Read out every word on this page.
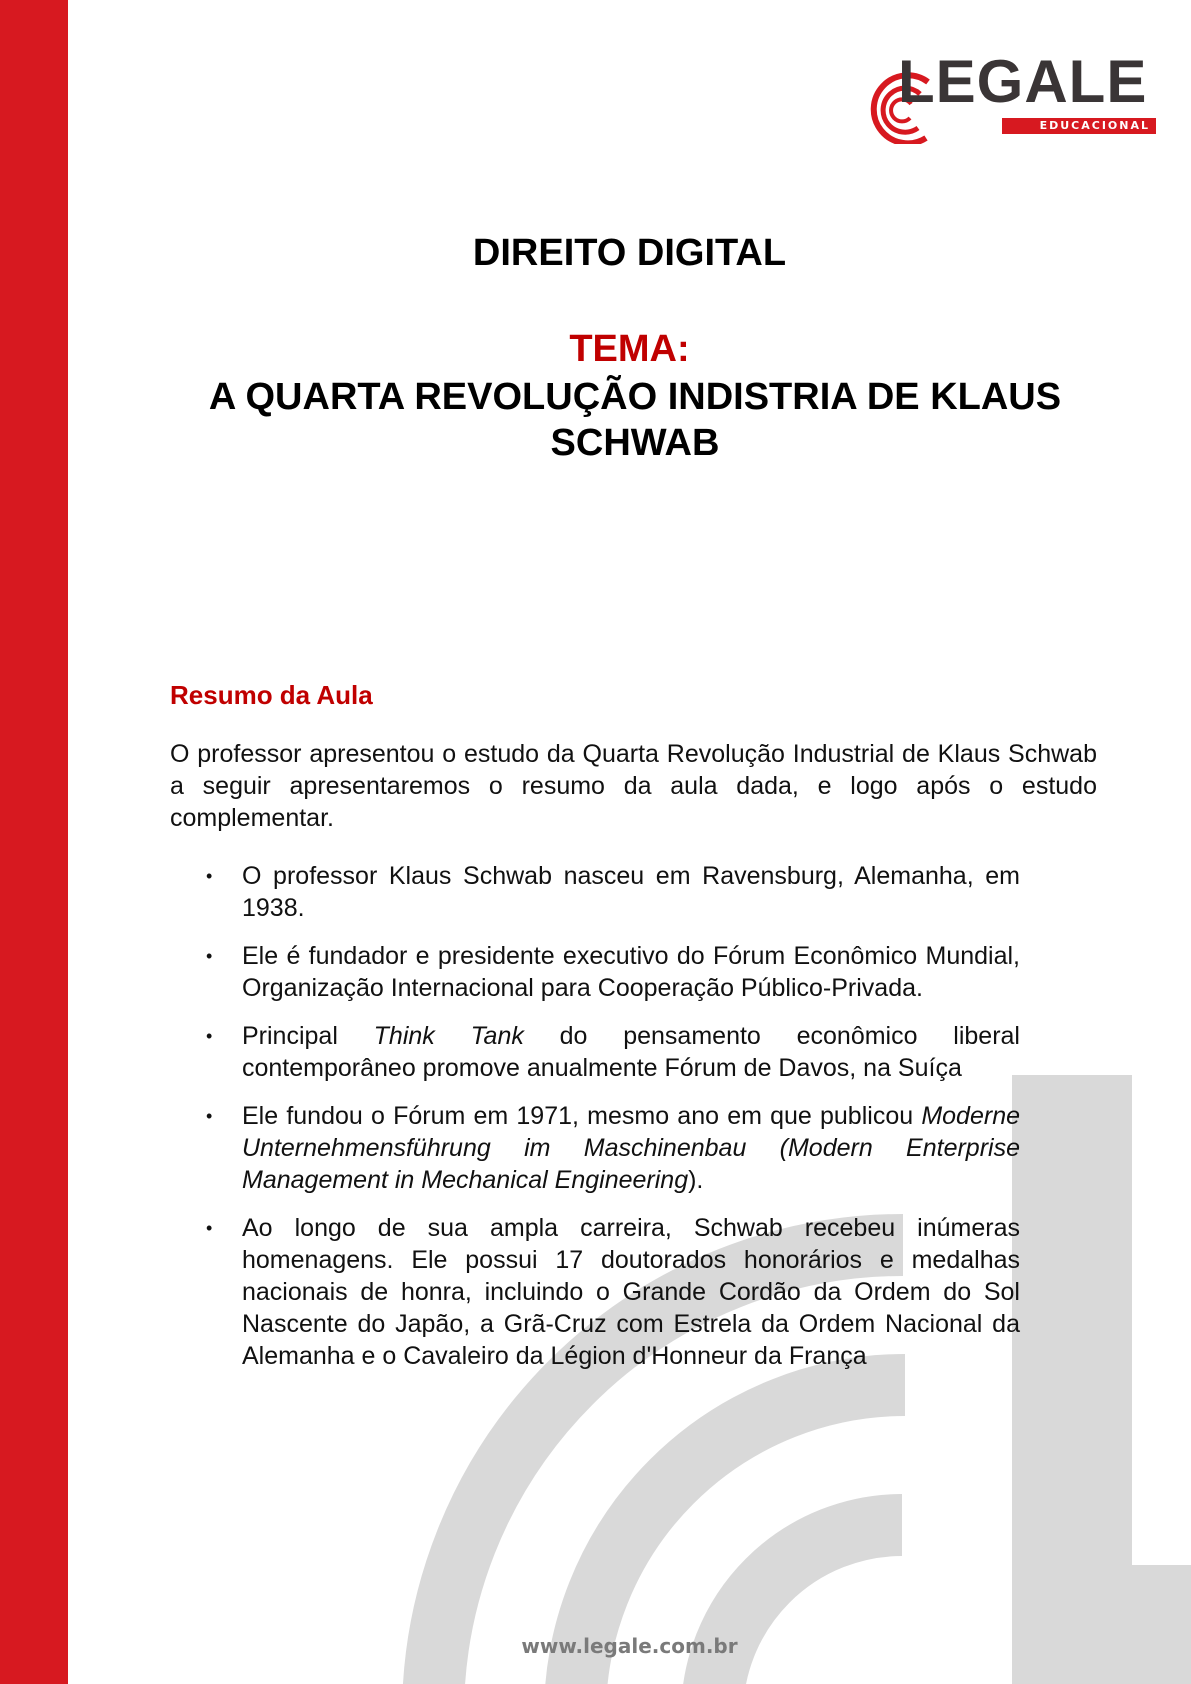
LEGALE
EDUCACIONAL
DIREITO DIGITAL
TEMA:
A QUARTA REVOLUÇÃO INDISTRIA DE KLAUS SCHWAB
Resumo da Aula

O professor apresentou o estudo da Quarta Revolução Industrial de Klaus Schwab a seguir apresentaremos o resumo da aula dada, e logo após o estudo complementar.

• O professor Klaus Schwab nasceu em Ravensburg, Alemanha, em 1938.
• Ele é fundador e presidente executivo do Fórum Econômico Mundial, Organização Internacional para Cooperação Público-Privada.
• Principal Think Tank do pensamento econômico liberal contemporâneo promove anualmente Fórum de Davos, na Suíça
• Ele fundou o Fórum em 1971, mesmo ano em que publicou Moderne Unternehmensführung im Maschinenbau (Modern Enterprise Management in Mechanical Engineering).
• Ao longo de sua ampla carreira, Schwab recebeu inúmeras homenagens. Ele possui 17 doutorados honorários e medalhas nacionais de honra, incluindo o Grande Cordão da Ordem do Sol Nascente do Japão, a Grã-Cruz com Estrela da Ordem Nacional da Alemanha e o Cavaleiro da Légion d'Honneur da França
www.legale.com.br
